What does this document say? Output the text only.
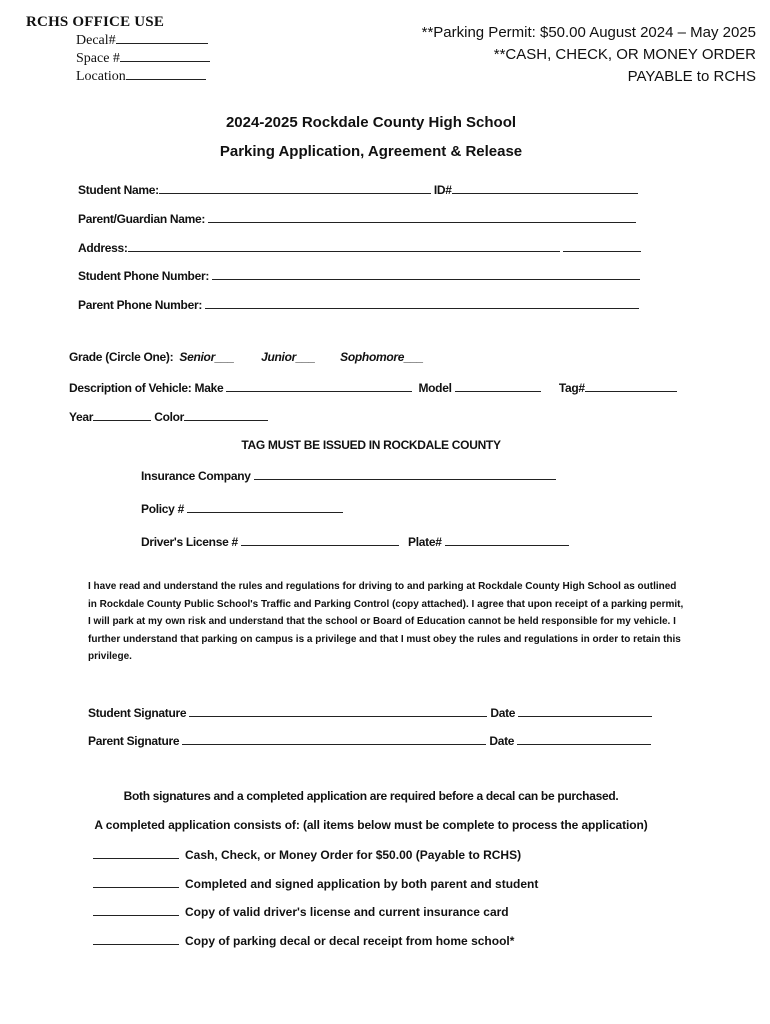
RCHS OFFICE USE
Decal#
Space #
Location
**Parking Permit: $50.00 August 2024 – May 2025
**CASH, CHECK, OR MONEY ORDER
PAYABLE to RCHS
2024-2025 Rockdale County High School
Parking Application, Agreement & Release
Student Name:	ID#
Parent/Guardian Name:
Address:
Student Phone Number:
Parent Phone Number:
Grade (Circle One): Senior___ Junior___ Sophomore___
Description of Vehicle: Make	Model	Tag#
Year	Color
TAG MUST BE ISSUED IN ROCKDALE COUNTY
Insurance Company
Policy #
Driver's License #	Plate#
I have read and understand the rules and regulations for driving to and parking at Rockdale County High School as outlined in Rockdale County Public School's Traffic and Parking Control (copy attached). I agree that upon receipt of a parking permit, I will park at my own risk and understand that the school or Board of Education cannot be held responsible for my vehicle. I further understand that parking on campus is a privilege and that I must obey the rules and regulations in order to retain this privilege.
Student Signature	Date
Parent Signature	Date
Both signatures and a completed application are required before a decal can be purchased.
A completed application consists of: (all items below must be complete to process the application)
Cash, Check, or Money Order for $50.00 (Payable to RCHS)
Completed and signed application by both parent and student
Copy of valid driver's license and current insurance card
Copy of parking decal or decal receipt from home school*
